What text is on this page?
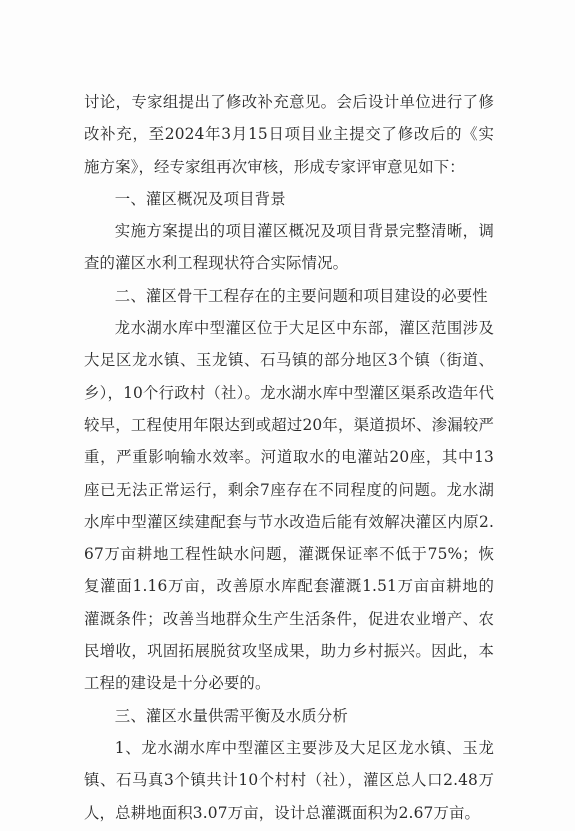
讨论，专家组提出了修改补充意见。会后设计单位进行了修改补充，至2024年3月15日项目业主提交了修改后的《实施方案》，经专家组再次审核，形成专家评审意见如下：

一、灌区概况及项目背景

实施方案提出的项目灌区概况及项目背景完整清晰，调查的灌区水利工程现状符合实际情况。

二、灌区骨干工程存在的主要问题和项目建设的必要性

龙水湖水库中型灌区位于大足区中东部，灌区范围涉及大足区龙水镇、玉龙镇、石马镇的部分地区3个镇（街道、乡），10个行政村（社）。龙水湖水库中型灌区渠系改造年代较早，工程使用年限达到或超过20年，渠道损坏、渗漏较严重，严重影响输水效率。河道取水的电灌站20座，其中13座已无法正常运行，剩余7座存在不同程度的问题。龙水湖水库中型灌区续建配套与节水改造后能有效解决灌区内原2.67万亩耕地工程性缺水问题，灌溉保证率不低于75%；恢复灌面1.16万亩，改善原水库配套灌溉1.51万亩亩耕地的灌溉条件；改善当地群众生产生活条件，促进农业增产、农民增收，巩固拓展脱贫攻坚成果，助力乡村振兴。因此，本工程的建设是十分必要的。

三、灌区水量供需平衡及水质分析

1、龙水湖水库中型灌区主要涉及大足区龙水镇、玉龙镇、石马真3个镇共计10个村村（社），灌区总人口2.48万人，总耕地面积3.07万亩，设计总灌溉面积为2.67万亩。
